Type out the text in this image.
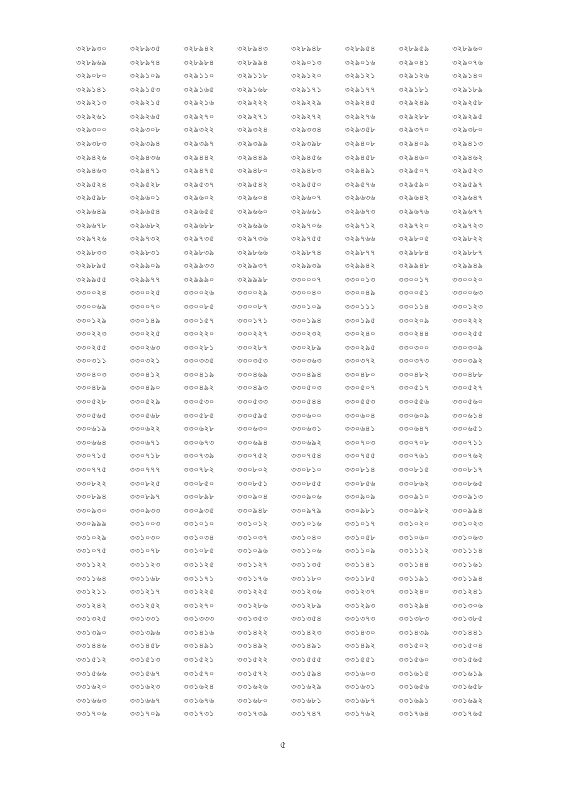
৩২৮৯৩০	৩২৮৯৩৫	৩২৮৯৪২	৩২৮৯৪৩	৩২৮৯৪৮	৩২৮৯৫৪	৩২৮৯৫৯	৩২৮৯৬০
৩২৮৯৬৯	৩২৮৯৭৪	৩২৮৯৮৪	৩২৮৯৯৪	৩২৯০১৩	৩২৯০১৬	৩২৯০৪১	৩২৯০৭৬
৩২৯০৮০	৩২৯১০৯	৩২৯১১০	৩২৯১১৮	৩২৯১২০	৩২৯১২১	৩২৯১২৬	৩২৯১৪০
৩২৯১৪১	৩২৯১৫৩	৩২৯১৬৫	৩২৯১৬৮	৩২৯১৭১	৩২৯১৭৭	৩২৯১৮১	৩২৯১৮৯
৩২৯২১৩	৩২৯২১৫	৩২৯২১৬	৩২৯২২২	৩২৯২২৯	৩২৯২৪৫	৩২৯২৪৯	৩২৯২৫৮
৩২৯২৬১	৩২৯২৬৫	৩২৯২৭০	৩২৯২৭১	৩২৯২৭২	৩২৯২৭৬	৩২৯২৮৮	৩২৯২৯৫
৩২৯৩০০	৩২৯৩০৮	৩২৯৩২২	৩২৯৩২৪	৩২৯৩৩৪	৩২৯৩৫৮	৩২৯৩৭০	৩২৯৩৮০
৩২৯৩৮৩	৩২৯৩৯৪	৩২৯৩৯৭	৩২৯৩৯৯	৩২৯৩৯৮	৩২৯৪০৮	৩২৯৪০৯	৩২৯৪১৩
৩২৯৪২৬	৩২৯৪৩৬	৩২৯৪৪২	৩২৯৪৪৯	৩২৯৪৫৬	৩২৯৪৫৮	৩২৯৪৬০	৩২৯৪৬২
৩২৯৪৬৩	৩২৯৪৭১	৩২৯৪৭৫	৩২৯৪৮০	৩২৯৪৮৩	৩২৯৪৯১	৩২৯৫০৭	৩২৯৫২৩
৩২৯৫২৪	৩২৯৫২৮	৩২৯৫৩৭	৩২৯৫৪২	৩২৯৫৫০	৩২৯৫৭৬	৩২৯৫৯০	৩২৯৫৯৭
৩২৯৫৯৮	৩২৯৬০১	৩২৯৬০২	৩২৯৬০৪	৩২৯৬০৭	৩২৯৬৩৬	৩২৯৬৪২	৩২৯৬৪৭
৩২৯৬৪৯	৩২৯৬৫৪	৩২৯৬৫৫	৩২৯৬৬০	৩২৯৬৬১	৩২৯৬৭৩	৩২৯৬৭৬	৩২৯৬৭৭
৩২৯৬৭৮	৩২৯৬৮২	৩২৯৬৮৮	৩২৯৬৯৬	৩২৯৭০৬	৩২৯৭১২	৩২৯৭২০	৩২৯৭২৩
৩২৯৭২৬	৩২৯৭৩২	৩২৯৭৩৫	৩২৯৭৩৬	৩২৯৭৫৫	৩২৯৭৬৬	৩২৯৮০৫	৩২৯৮২২
৩২৯৮৩৩	৩২৯৮৩১	৩২৯৮৩৯	৩২৯৮৬৬	৩২৯৮৭৪	৩২৯৮৭৭	৩২৯৮৮৪	৩২৯৮৮৭
৩২৯৮৯৫	৩২৯৯০৯	৩২৯৯৩৩	৩২৯৯৩৭	৩২৯৯৩৯	৩২৯৯৪২	৩২৯৯৪৮	৩২৯৯৪৯
৩২৯৯৫৫	৩২৯৯৭৭	৩২৯৯৯০	৩২৯৯৯৮	৩৩০০০৭	৩৩০০১৩	৩৩০০১৭	৩৩০০২০
৩৩০০২৪	৩৩০০২৫	৩৩০০২৬	৩৩০০২৯	৩৩০০৪০	৩৩০০৪৯	৩৩০০৫১	৩৩০০৬৩
৩৩০০৬৯	৩৩০০৭০	৩৩০০৮৫	৩৩০০৮৭	৩৩০১০৯	৩৩০১১১	৩৩০১১৪	৩৩০১২৩
৩৩০১২৯	৩৩০১৪৯	৩৩০১৫৭	৩৩০১৭১	৩৩০১৯৪	৩৩০১৯৫	৩৩০২০৯	৩৩০২২২
৩৩০২২৩	৩৩০২২৫	৩৩০২২০	৩৩০২২৭	৩৩০২৩২	৩৩০২৪০	৩৩০২৪৪	৩৩০২৫৫
৩৩০২৫৫	৩৩০২৬৩	৩৩০২৮১	৩৩০২৮৭	৩৩০২৮৯	৩৩০২৯৫	৩৩০৩০০	৩৩০৩০৯
৩৩০৩১১	৩৩০৩২১	৩৩০৩৩৫	৩৩০৩৫৩	৩৩০৩৬৩	৩৩০৩৭২	৩৩০৩৭৩	৩৩০৩৯২
৩৩০৪০৩	৩৩০৪১২	৩৩০৪১৯	৩৩০৪৬৯	৩৩০৪৯৪	৩৩০৪৮০	৩৩০৪৮২	৩৩০৪৮৮
৩৩০৪৮৯	৩৩০৪৯০	৩৩০৪৯২	৩৩০৪৯৩	৩৩০৫০৩	৩৩০৫০৭	৩৩০৫১৭	৩৩০৫২৭
৩৩০৫২৮	৩৩০৫২৯	৩৩০৫৩০	৩৩০৫৩৩	৩৩০৫৪৪	৩৩০৫৫৩	৩৩০৫৫৬	৩৩০৫৬০
৩৩০৫৬৫	৩৩০৫৬৮	৩৩০৫৮৫	৩৩০৫৯৫	৩৩০৬০০	৩৩০৬০৪	৩৩০৬০৯	৩৩০৬১৪
৩৩০৬১৯	৩৩০৬২২	৩৩০৬২৮	৩৩০৬৩০	৩৩০৬৩১	৩৩০৬৪১	৩৩০৬৪৭	৩৩০৬৫১
৩৩০৬৬৪	৩৩০৬৭১	৩৩০৬৭৩	৩৩০৬৯৪	৩৩০৬৯২	৩৩০৭০৩	৩৩০৭০৮	৩৩০৭১১
৩৩০৭১৫	৩৩০৭১৮	৩৩০৭৩৯	৩৩০৭৫২	৩৩০৭৫৪	৩৩০৭৫৫	৩৩০৭৬১	৩৩০৭৬২
৩৩০৭৭৫	৩৩০৭৭৭	৩৩০৭৮২	৩৩০৮০২	৩৩০৮১০	৩৩০৮১৪	৩৩০৮১৫	৩৩০৮১৭
৩৩০৮২২	৩৩০৮২৫	৩৩০৮৫০	৩৩০৮৫১	৩৩০৮৫৫	৩৩০৮৫৬	৩৩০৮৬২	৩৩০৮৬৫
৩৩০৮৯৪	৩৩০৮৯৭	৩৩০৮৯৮	৩৩০৯০৪	৩৩০৯০৬	৩৩০৯০৯	৩৩০৯১০	৩৩০৯১৩
৩৩০৯৩০	৩৩০৯৩৩	৩৩০৯৩৫	৩৩০৯৪৮	৩৩০৯৭৯	৩৩০৯৮১	৩৩০৯৮২	৩৩০৯৯৪
৩৩০৯৯৯	৩৩১০০৩	৩৩১০১০	৩৩১০১২	৩৩১০১৬	৩৩১০১৭	৩৩১০২০	৩৩১০২৩
৩৩১০২৯	৩৩১০৩০	৩৩১০৩৪	৩৩১০৩৭	৩৩১০৪০	৩৩১০৫৮	৩৩১০৬০	৩৩১০৬৩
৩৩১০৭৫	৩৩১০৭৮	৩৩১০৮৫	৩৩১০৯৬	৩৩১১০৬	৩৩১১০৯	৩৩১১১২	৩৩১১১৪
৩৩১১২২	৩৩১১২৩	৩৩১১২৫	৩৩১১২৭	৩৩১১৩৫	৩৩১১৪১	৩৩১১৪৪	৩৩১১৬১
৩৩১১৬৪	৩৩১১৬৮	৩৩১১৭১	৩৩১১৭৬	৩৩১১৮০	৩৩১১৮৫	৩৩১১৯১	৩৩১১৯৪
৩৩১২১১	৩৩১২১৭	৩৩১২২৫	৩৩১২২৫	৩৩১২৩৬	৩৩১২৩৭	৩৩১২৪০	৩৩১২৪১
৩৩১২৪২	৩৩১২৫২	৩৩১২৭০	৩৩১২৮৬	৩৩১২৮৯	৩৩১২৯৩	৩৩১২৯৪	৩৩১৩০৬
৩৩১৩২৫	৩৩১৩৩১	৩৩১৩৩৩	৩৩১৩৫৩	৩৩১৩৫৪	৩৩১৩৭৩	৩৩১৩৮৩	৩৩১৩৮৫
৩৩১৩৯০	৩৩১৩৯৬	৩৩১৪১৬	৩৩১৪২২	৩৩১৪২৩	৩৩১৪৩০	৩৩১৪৩৯	৩৩১৪৪১
৩৩১৪৪৬	৩৩১৪৫৮	৩৩১৪৯১	৩৩১৪৯২	৩৩১৪৯১	৩৩১৪৯২	৩৩১৫০২	৩৩১৫০৪
৩৩১৫১২	৩৩১৫১৩	৩৩১৫২১	৩৩১৫২২	৩৩১৫৫৫	৩৩১৫৫১	৩৩১৫৬০	৩৩১৫৬৫
৩৩১৫৬৬	৩৩১৫৬৭	৩৩১৫৭০	৩৩১৫৭২	৩৩১৫৯৪	৩৩১৬০৩	৩৩১৬১৫	৩৩১৬১৯
৩৩১৬২০	৩৩১৬২৩	৩৩১৬২৪	৩৩১৬২৬	৩৩১৬২৯	৩৩১৬৩১	৩৩১৬৫৬	৩৩১৬৫৮
৩৩১৬৬৩	৩৩১৬৬৭	৩৩১৬৭৬	৩৩১৬৮০	৩৩১৬৮১	৩৩১৬৮৭	৩৩১৬৯১	৩৩১৬৯২
৩৩১৭০৬	৩৩১৭০৯	৩৩১৭৩১	৩৩১৭৩৯	৩৩১৭৪৭	৩৩১৭৬২	৩৩১৭৬৪	৩৩১৭৬৫
৫
